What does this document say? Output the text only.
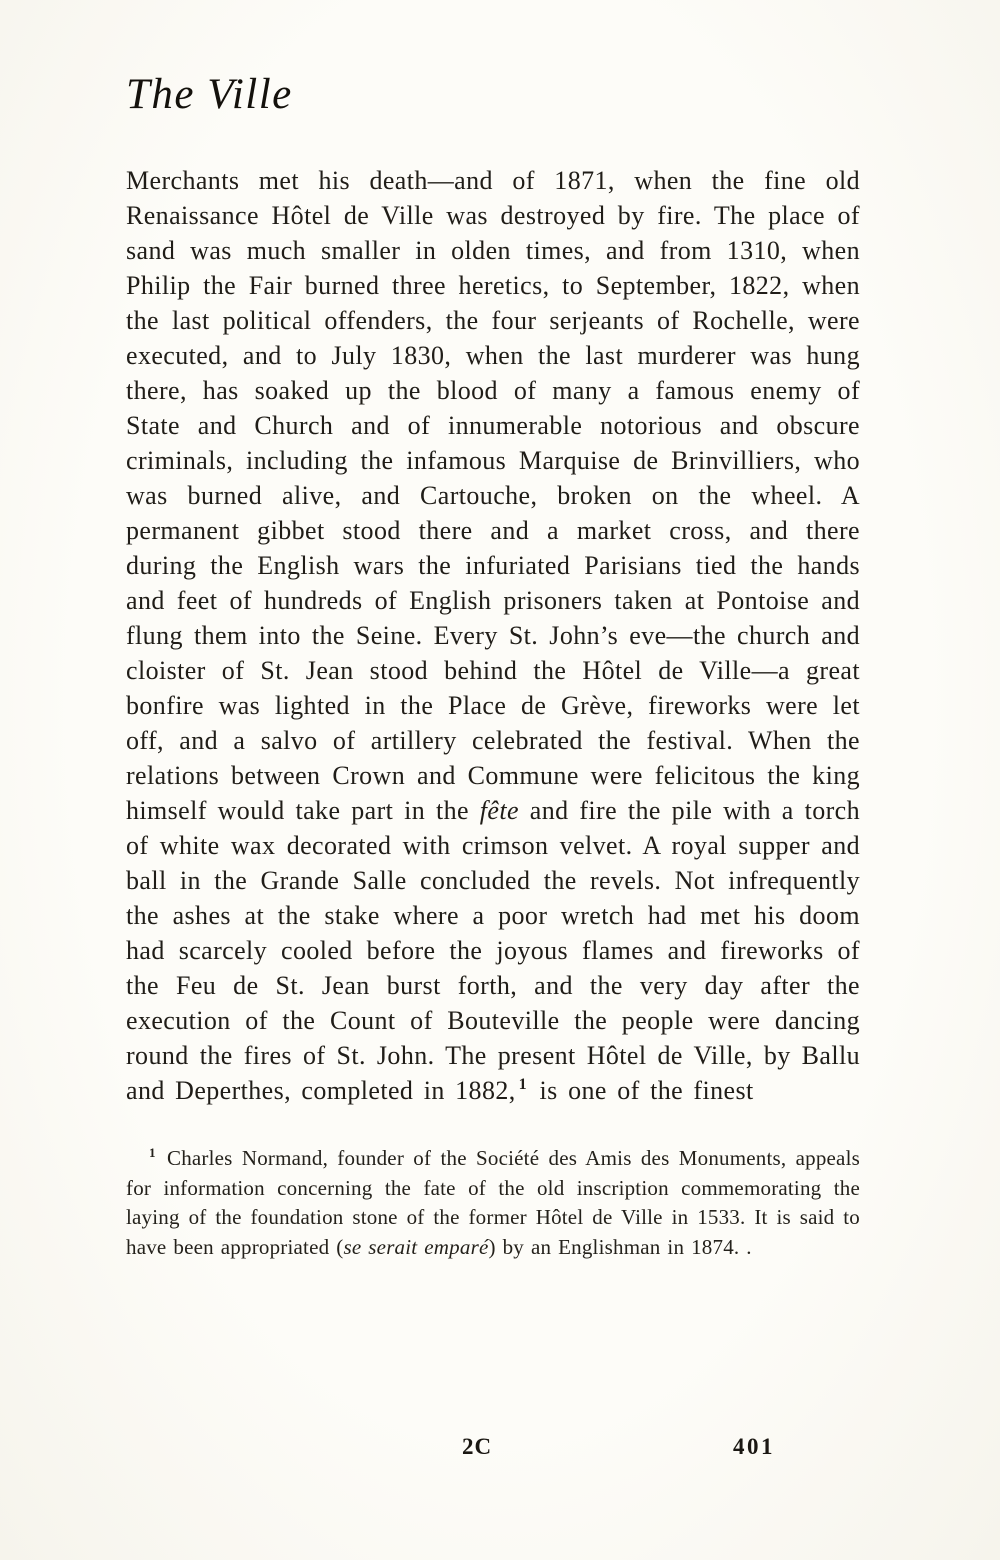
The Ville

Merchants met his death—and of 1871, when the fine old Renaissance Hôtel de Ville was destroyed by fire. The place of sand was much smaller in olden times, and from 1310, when Philip the Fair burned three heretics, to September, 1822, when the last political offenders, the four serjeants of Rochelle, were executed, and to July 1830, when the last murderer was hung there, has soaked up the blood of many a famous enemy of State and Church and of innumerable notorious and obscure criminals, including the infamous Marquise de Brinvilliers, who was burned alive, and Cartouche, broken on the wheel. A permanent gibbet stood there and a market cross, and there during the English wars the infuriated Parisians tied the hands and feet of hundreds of English prisoners taken at Pontoise and flung them into the Seine. Every St. John’s eve—the church and cloister of St. Jean stood behind the Hôtel de Ville—a great bonfire was lighted in the Place de Grève, fireworks were let off, and a salvo of artillery celebrated the festival. When the relations between Crown and Commune were felicitous the king himself would take part in the fête and fire the pile with a torch of white wax decorated with crimson velvet. A royal supper and ball in the Grande Salle concluded the revels. Not infrequently the ashes at the stake where a poor wretch had met his doom had scarcely cooled before the joyous flames and fireworks of the Feu de St. Jean burst forth, and the very day after the execution of the Count of Bouteville the people were dancing round the fires of St. John. The present Hôtel de Ville, by Ballu and Deperthes, completed in 1882, $^1$ is one of the finest

$^1$ Charles Normand, founder of the Société des Amis des Monuments, appeals for information concerning the fate of the old inscription commemorating the laying of the foundation stone of the former Hôtel de Ville in 1533. It is said to have been appropriated (se serait emparé) by an Englishman in 1874. .

2C	401
